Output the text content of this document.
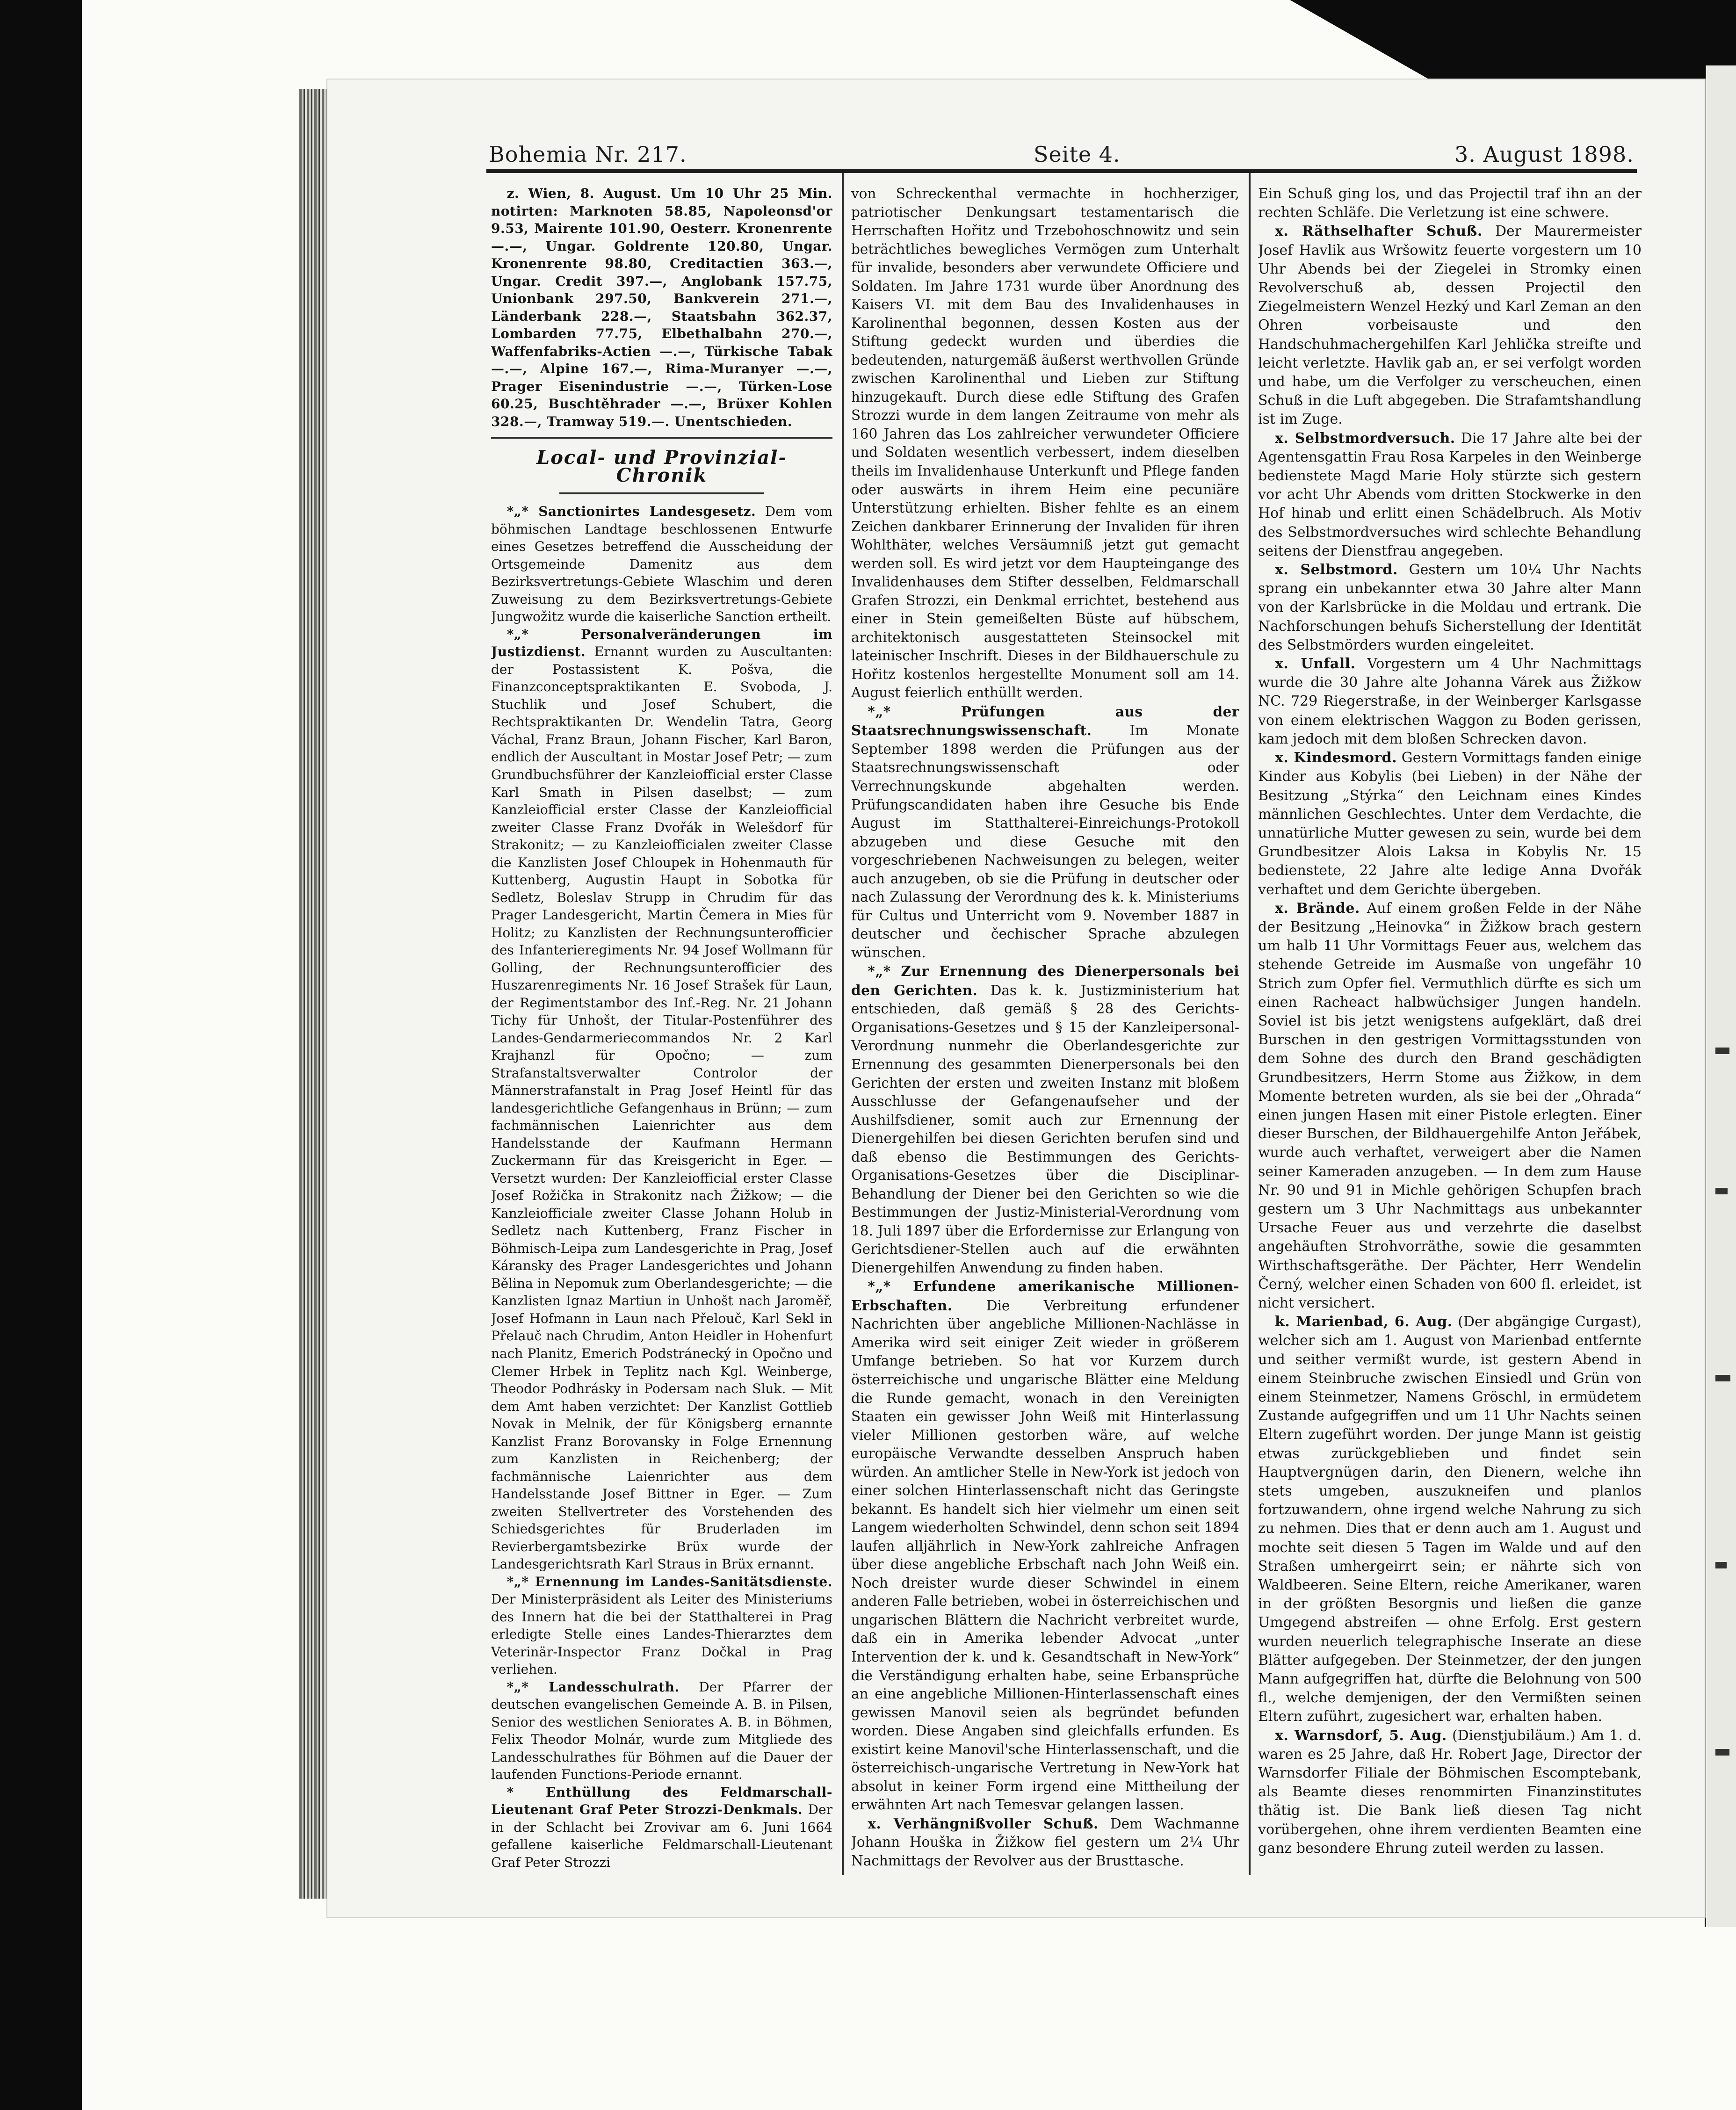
Bohemia Nr. 217.	Seite 4.	3. August 1898.

z. Wien, 8. August. Um 10 Uhr 25 Min. notirten: Marknoten 58.85, Napoleonsd'or 9.53, Mairente 101.90, Oesterr. Kronenrente —.—, Ungar. Goldrente 120.80, Ungar. Kronenrente 98.80, Creditactien 363.—, Ungar. Credit 397.—, Anglobank 157.75, Unionbank 297.50, Bankverein 271.—, Länderbank 228.—, Staatsbahn 362.37, Lombarden 77.75, Elbethalbahn 270.—, Waffenfabriks-Actien —.—, Türkische Tabak —.—, Alpine 167.—, Rima-Muranyer —.—, Prager Eisenindustrie —.—, Türken-Lose 60.25, Buschtěhrader —.—, Brüxer Kohlen 328.—, Tramway 519.—. Unentschieden.

Local- und Provinzial-Chronik

*„* Sanctionirtes Landesgesetz. Dem vom böhmischen Landtage beschlossenen Entwurfe eines Gesetzes betreffend die Ausscheidung der Ortsgemeinde Damenitz aus dem Bezirksvertretungs-Gebiete Wlaschim und deren Zuweisung zu dem Bezirksvertretungs-Gebiete Jungwožitz wurde die kaiserliche Sanction ertheilt.

*„* Personalveränderungen im Justizdienst. Ernannt wurden zu Auscultanten: der Postassistent K. Pošva, die Finanzconceptspraktikanten E. Svoboda, J. Stuchlik und Josef Schubert, die Rechtspraktikanten Dr. Wendelin Tatra, Georg Váchal, Franz Braun, Johann Fischer, Karl Baron, endlich der Auscultant in Mostar Josef Petr; — zum Grundbuchsführer der Kanzleiofficial erster Classe Karl Smath in Pilsen daselbst; — zum Kanzleiofficial erster Classe der Kanzleiofficial zweiter Classe Franz Dvořák in Welešdorf für Strakonitz; — zu Kanzleiofficialen zweiter Classe die Kanzlisten Josef Chloupek in Hohenmauth für Kuttenberg, Augustin Haupt in Sobotka für Sedletz, Boleslav Strupp in Chrudim für das Prager Landesgericht, Martin Čemera in Mies für Holitz; zu Kanzlisten der Rechnungsunterofficier des Infanterieregiments Nr. 94 Josef Wollmann für Golling, der Rechnungsunterofficier des Huszarenregiments Nr. 16 Josef Strašek für Laun, der Regimentstambor des Inf.-Reg. Nr. 21 Johann Tichy für Unhošt, der Titular-Postenführer des Landes-Gendarmeriecommandos Nr. 2 Karl Krajhanzl für Opočno; — zum Strafanstaltsverwalter Controlor der Männerstrafanstalt in Prag Josef Heintl für das landesgerichtliche Gefangenhaus in Brünn; — zum fachmännischen Laienrichter aus dem Handelsstande der Kaufmann Hermann Zuckermann für das Kreisgericht in Eger. — Versetzt wurden: Der Kanzleiofficial erster Classe Josef Rožička in Strakonitz nach Žižkow; — die Kanzleiofficiale zweiter Classe Johann Holub in Sedletz nach Kuttenberg, Franz Fischer in Böhmisch-Leipa zum Landesgerichte in Prag, Josef Káransky des Prager Landesgerichtes und Johann Bělina in Nepomuk zum Oberlandesgerichte; — die Kanzlisten Ignaz Martiun in Unhošt nach Jaroměř, Josef Hofmann in Laun nach Přelouč, Karl Sekl in Přelauč nach Chrudim, Anton Heidler in Hohenfurt nach Planitz, Emerich Podstránecký in Opočno und Clemer Hrbek in Teplitz nach Kgl. Weinberge, Theodor Podhrásky in Podersam nach Sluk. — Mit dem Amt haben verzichtet: Der Kanzlist Gottlieb Novak in Melnik, der für Königsberg ernannte Kanzlist Franz Borovansky in Folge Ernennung zum Kanzlisten in Reichenberg; der fachmännische Laienrichter aus dem Handelsstande Josef Bittner in Eger. — Zum zweiten Stellvertreter des Vorstehenden des Schiedsgerichtes für Bruderladen im Revierbergamtsbezirke Brüx wurde der Landesgerichtsrath Karl Straus in Brüx ernannt.

*„* Ernennung im Landes-Sanitätsdienste. Der Ministerpräsident als Leiter des Ministeriums des Innern hat die bei der Statthalterei in Prag erledigte Stelle eines Landes-Thierarztes dem Veterinär-Inspector Franz Dočkal in Prag verliehen.

*„* Landesschulrath. Der Pfarrer der deutschen evangelischen Gemeinde A. B. in Pilsen, Senior des westlichen Seniorates A. B. in Böhmen, Felix Theodor Molnár, wurde zum Mitgliede des Landesschulrathes für Böhmen auf die Dauer der laufenden Functions-Periode ernannt.

* Enthüllung des Feldmarschall-Lieutenant Graf Peter Strozzi-Denkmals. Der in der Schlacht bei Zrovivar am 6. Juni 1664 gefallene kaiserliche Feldmarschall-Lieutenant Graf Peter Strozzi

von Schreckenthal vermachte in hochherziger, patriotischer Denkungsart testamentarisch die Herrschaften Hořitz und Trzebohoschnowitz und sein beträchtliches bewegliches Vermögen zum Unterhalt für invalide, besonders aber verwundete Officiere und Soldaten. Im Jahre 1731 wurde über Anordnung des Kaisers VI. mit dem Bau des Invalidenhauses in Karolinenthal begonnen, dessen Kosten aus der Stiftung gedeckt wurden und überdies die bedeutenden, naturgemäß äußerst werthvollen Gründe zwischen Karolinenthal und Lieben zur Stiftung hinzugekauft. Durch diese edle Stiftung des Grafen Strozzi wurde in dem langen Zeitraume von mehr als 160 Jahren das Los zahlreicher verwundeter Officiere und Soldaten wesentlich verbessert, indem dieselben theils im Invalidenhause Unterkunft und Pflege fanden oder auswärts in ihrem Heim eine pecuniäre Unterstützung erhielten. Bisher fehlte es an einem Zeichen dankbarer Erinnerung der Invaliden für ihren Wohlthäter, welches Versäumniß jetzt gut gemacht werden soll. Es wird jetzt vor dem Haupteingange des Invalidenhauses dem Stifter desselben, Feldmarschall Grafen Strozzi, ein Denkmal errichtet, bestehend aus einer in Stein gemeißelten Büste auf hübschem, architektonisch ausgestatteten Steinsockel mit lateinischer Inschrift. Dieses in der Bildhauerschule zu Hořitz kostenlos hergestellte Monument soll am 14. August feierlich enthüllt werden.

*„* Prüfungen aus der Staatsrechnungswissenschaft.	Im Monate September 1898 werden die Prüfungen aus der Staatsrechnungswissenschaft oder Verrechnungskunde abgehalten werden. Prüfungscandidaten haben ihre Gesuche bis Ende August im Statthalterei-Einreichungs-Protokoll abzugeben und diese Gesuche mit den vorgeschriebenen Nachweisungen zu belegen, weiter auch anzugeben, ob sie die Prüfung in deutscher oder nach Zulassung der Verordnung des k. k. Ministeriums für Cultus und Unterricht vom 9. November 1887 in deutscher und čechischer Sprache abzulegen wünschen.

*„* Zur Ernennung des Dienerpersonals bei den Gerichten. Das k. k. Justizministerium hat entschieden, daß gemäß § 28 des Gerichts-Organisations-Gesetzes und § 15 der Kanzleipersonal-Verordnung nunmehr die Oberlandesgerichte zur Ernennung des gesammten Dienerpersonals bei den Gerichten der ersten und zweiten Instanz mit bloßem Ausschlusse der Gefangenaufseher und der Aushilfsdiener, somit auch zur Ernennung der Dienergehilfen bei diesen Gerichten berufen sind und daß ebenso die Bestimmungen des Gerichts-Organisations-Gesetzes über die Disciplinar-Behandlung der Diener bei den Gerichten so wie die Bestimmungen der Justiz-Ministerial-Verordnung vom 18. Juli 1897 über die Erfordernisse zur Erlangung von Gerichtsdiener-Stellen auch auf die erwähnten Dienergehilfen Anwendung zu finden haben.

*„* Erfundene amerikanische Millionen-Erbschaften. Die Verbreitung erfundener Nachrichten über angebliche Millionen-Nachlässe in Amerika wird seit einiger Zeit wieder in größerem Umfange betrieben. So hat vor Kurzem durch österreichische und ungarische Blätter eine Meldung die Runde gemacht, wonach in den Vereinigten Staaten ein gewisser John Weiß mit Hinterlassung vieler Millionen gestorben wäre, auf welche europäische Verwandte desselben Anspruch haben würden. An amtlicher Stelle in New-York ist jedoch von einer solchen Hinterlassenschaft nicht das Geringste bekannt. Es handelt sich hier vielmehr um einen seit Langem wiederholten Schwindel, denn schon seit 1894 laufen alljährlich in New-York zahlreiche Anfragen über diese angebliche Erbschaft nach John Weiß ein. Noch dreister wurde dieser Schwindel in einem anderen Falle betrieben, wobei in österreichischen und ungarischen Blättern die Nachricht verbreitet wurde, daß ein in Amerika lebender Advocat „unter Intervention der k. und k. Gesandtschaft in New-York“ die Verständigung erhalten habe, seine Erbansprüche an eine angebliche Millionen-Hinterlassenschaft eines gewissen Manovil seien als begründet befunden worden. Diese Angaben sind gleichfalls erfunden. Es existirt keine Manovil'sche Hinterlassenschaft, und die österreichisch-ungarische Vertretung in New-York hat absolut in keiner Form irgend eine Mittheilung der erwähnten Art nach Temesvar gelangen lassen.

x. Verhängnißvoller Schuß. Dem Wachmanne Johann Houška in Žižkow fiel gestern um 2¼ Uhr Nachmittags der Revolver aus der Brusttasche.

Ein Schuß ging los, und das Projectil traf ihn an der rechten Schläfe. Die Verletzung ist eine schwere.

x. Räthselhafter Schuß. Der Maurermeister Josef Havlik aus Wršowitz feuerte vorgestern um 10 Uhr Abends bei der Ziegelei in Stromky einen Revolverschuß ab, dessen Projectil den Ziegelmeistern Wenzel Hezký und Karl Zeman an den Ohren vorbeisauste und den Handschuhmachergehilfen Karl Jehlička streifte und leicht verletzte. Havlik gab an, er sei verfolgt worden und habe, um die Verfolger zu verscheuchen, einen Schuß in die Luft abgegeben. Die Strafamtshandlung ist im Zuge.

x. Selbstmordversuch. Die 17 Jahre alte bei der Agentensgattin Frau Rosa Karpeles in den Weinberge bedienstete Magd Marie Holy stürzte sich gestern vor acht Uhr Abends vom dritten Stockwerke in den Hof hinab und erlitt einen Schädelbruch. Als Motiv des Selbstmordversuches wird schlechte Behandlung seitens der Dienstfrau angegeben.

x. Selbstmord. Gestern um 10¼ Uhr Nachts sprang ein unbekannter etwa 30 Jahre alter Mann von der Karlsbrücke in die Moldau und ertrank. Die Nachforschungen behufs Sicherstellung der Identität des Selbstmörders wurden eingeleitet.

x. Unfall. Vorgestern um 4 Uhr Nachmittags wurde die 30 Jahre alte Johanna Várek aus Žižkow NC. 729 Riegerstraße, in der Weinberger Karlsgasse von einem elektrischen Waggon zu Boden gerissen, kam jedoch mit dem bloßen Schrecken davon.

x. Kindesmord. Gestern Vormittags fanden einige Kinder aus Kobylis (bei Lieben) in der Nähe der Besitzung „Stýrka“ den Leichnam eines Kindes männlichen Geschlechtes. Unter dem Verdachte, die unnatürliche Mutter gewesen zu sein, wurde bei dem Grundbesitzer Alois Laksa in Kobylis Nr. 15 bedienstete, 22 Jahre alte ledige Anna Dvořák verhaftet und dem Gerichte übergeben.

x. Brände. Auf einem großen Felde in der Nähe der Besitzung „Heinovka“ in Žižkow brach gestern um halb 11 Uhr Vormittags Feuer aus, welchem das stehende Getreide im Ausmaße von ungefähr 10 Strich zum Opfer fiel. Vermuthlich dürfte es sich um einen Racheact halbwüchsiger Jungen handeln. Soviel ist bis jetzt wenigstens aufgeklärt, daß drei Burschen in den gestrigen Vormittagsstunden von dem Sohne des durch den Brand geschädigten Grundbesitzers, Herrn Stome aus Žižkow, in dem Momente betreten wurden, als sie bei der „Ohrada“ einen jungen Hasen mit einer Pistole erlegten. Einer dieser Burschen, der Bildhauergehilfe Anton Jeřábek, wurde auch verhaftet, verweigert aber die Namen seiner Kameraden anzugeben. — In dem zum Hause Nr. 90 und 91 in Michle gehörigen Schupfen brach gestern um 3 Uhr Nachmittags aus unbekannter Ursache Feuer aus und verzehrte die daselbst angehäuften Strohvorräthe, sowie die gesammten Wirthschaftsgeräthe. Der Pächter, Herr Wendelin Černý, welcher einen Schaden von 600 fl. erleidet, ist nicht versichert.

k. Marienbad, 6. Aug. (Der abgängige Curgast), welcher sich am 1. August von Marienbad entfernte und seither vermißt wurde, ist gestern Abend in einem Steinbruche zwischen Einsiedl und Grün von einem Steinmetzer, Namens Gröschl, in ermüdetem Zustande aufgegriffen und um 11 Uhr Nachts seinen Eltern zugeführt worden. Der junge Mann ist geistig etwas zurückgeblieben und findet sein Hauptvergnügen darin, den Dienern, welche ihn stets umgeben, auszukneifen und planlos fortzuwandern, ohne irgend welche Nahrung zu sich zu nehmen. Dies that er denn auch am 1. August und mochte seit diesen 5 Tagen im Walde und auf den Straßen umhergeirrt sein; er nährte sich von Waldbeeren. Seine Eltern, reiche Amerikaner, waren in der größten Besorgnis und ließen die ganze Umgegend abstreifen — ohne Erfolg. Erst gestern wurden neuerlich telegraphische Inserate an diese Blätter aufgegeben. Der Steinmetzer, der den jungen Mann aufgegriffen hat, dürfte die Belohnung von 500 fl., welche demjenigen, der den Vermißten seinen Eltern zuführt, zugesichert war, erhalten haben.

x. Warnsdorf, 5. Aug. (Dienstjubiläum.) Am 1. d. waren es 25 Jahre, daß Hr. Robert Jage, Director der Warnsdorfer Filiale der Böhmischen Escomptebank, als Beamte dieses renommirten Finanzinstitutes thätig ist. Die Bank ließ diesen Tag nicht vorübergehen, ohne ihrem verdienten Beamten eine ganz besondere Ehrung zuteil werden zu lassen.
